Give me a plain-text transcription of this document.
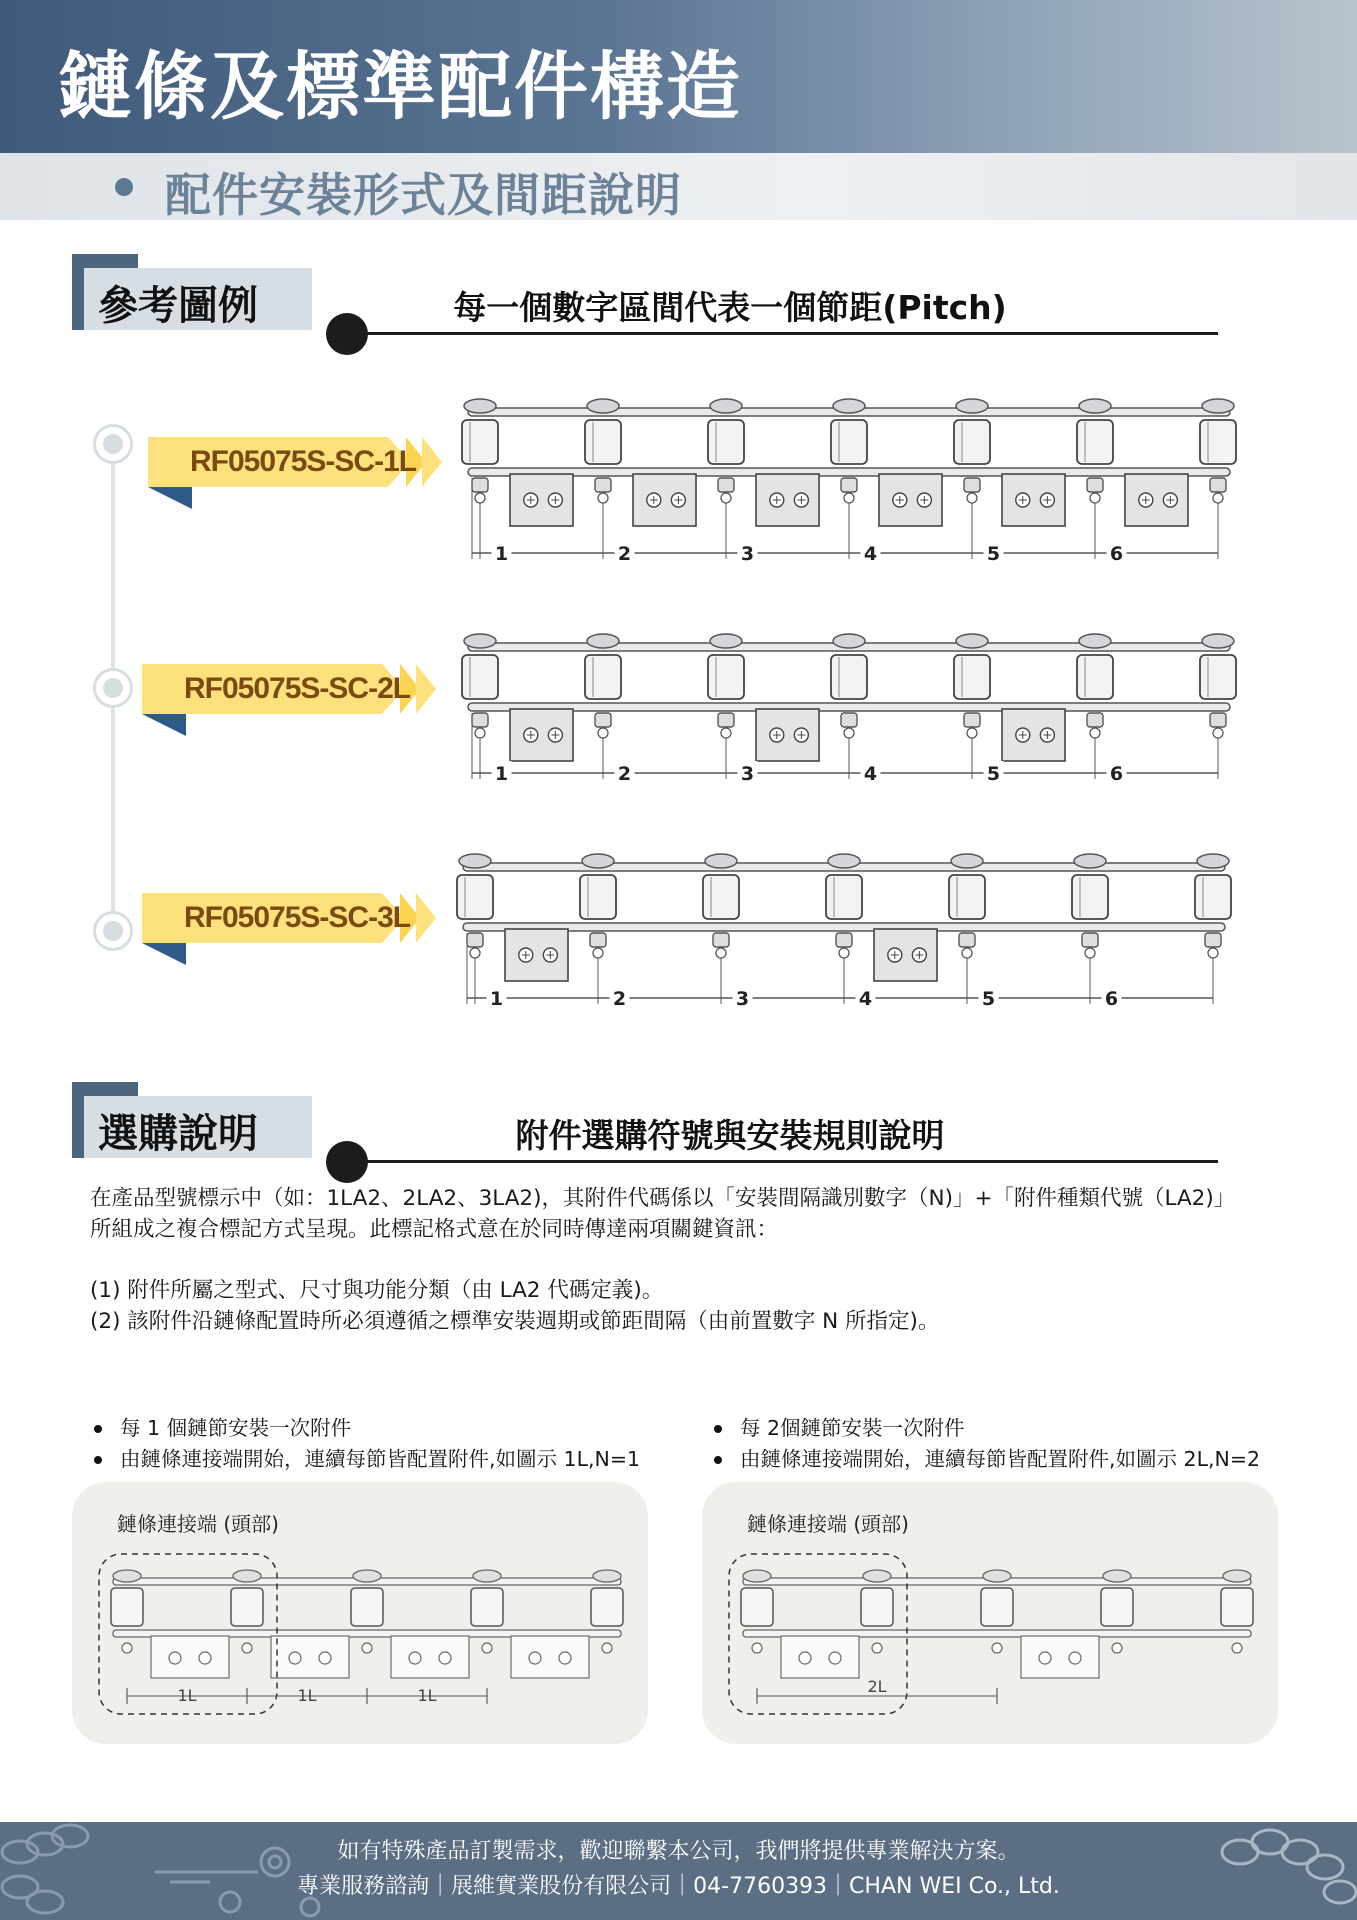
鏈條及標準配件構造
配件安裝形式及間距說明
參考圖例	每一個數字區間代表一個節距(Pitch)
RF05075S-SC-1L
RF05075S-SC-2L
RF05075S-SC-3L
1	2	3	4	5	6
1	2	3	4	5	6
1	2	3	4	5	6
選購說明	附件選購符號與安裝規則說明
在產品型號標示中（如：1LA2、2LA2、3LA2)，其附件代碼係以「安裝間隔識別數字（N)」+「附件種類代號（LA2)」
所組成之複合標記方式呈現。此標記格式意在於同時傳達兩項關鍵資訊：
(1) 附件所屬之型式、尺寸與功能分類（由 LA2 代碼定義)。
(2) 該附件沿鏈條配置時所必須遵循之標準安裝週期或節距間隔（由前置數字 N 所指定)。
每 1 個鏈節安裝一次附件
由鏈條連接端開始，連續每節皆配置附件,如圖示 1L,N=1
每 2個鏈節安裝一次附件
由鏈條連接端開始，連續每節皆配置附件,如圖示 2L,N=2
鏈條連接端 (頭部)
1L	1L	1L
鏈條連接端 (頭部)
2L
如有特殊產品訂製需求，歡迎聯繫本公司，我們將提供專業解決方案。
專業服務諮詢｜展維實業股份有限公司｜04-7760393｜CHAN WEI Co., Ltd.
